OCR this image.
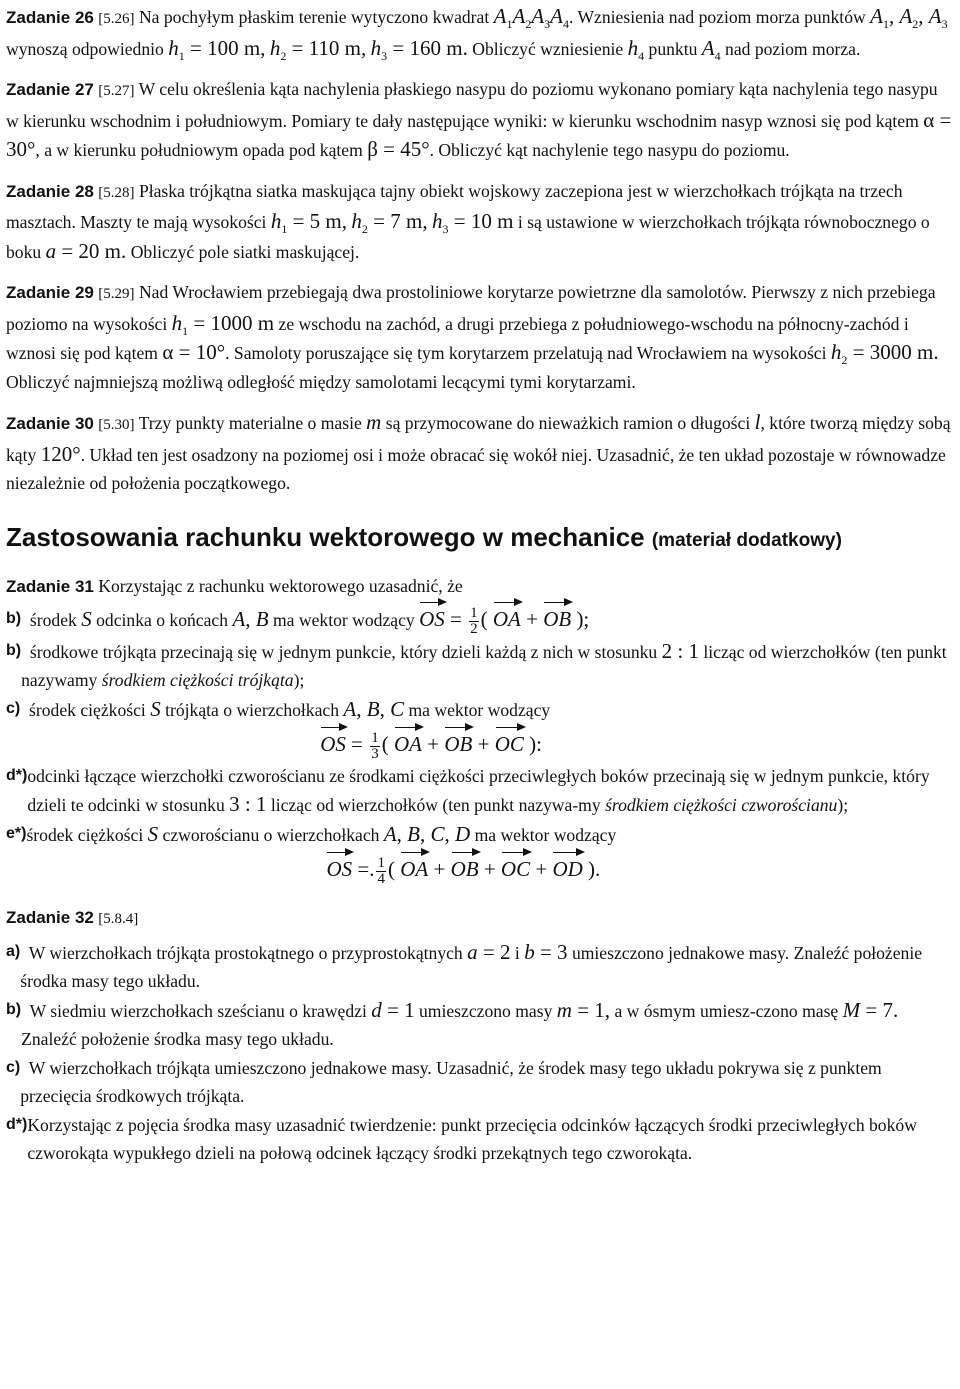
Zadanie 26 [5.26] Na pochyłym płaskim terenie wytyczono kwadrat $A_1A_2A_3A_4$. Wzniesienia nad poziom morza punktów $A_1$, $A_2$, $A_3$ wynoszą odpowiednio $h_1 = 100$ m, $h_2 = 110$ m, $h_3 = 160$ m. Obliczyć wzniesienie $h_4$ punktu $A_4$ nad poziom morza.
Zadanie 27 [5.27] W celu określenia kąta nachylenia płaskiego nasypu do poziomu wykonano pomiary kąta nachylenia tego nasypu w kierunku wschodnim i południowym. Pomiary te dały następujące wyniki: w kierunku wschodnim nasyp wznosi się pod kątem α = 30°, a w kierunku południowym opada pod kątem β = 45°. Obliczyć kąt nachylenie tego nasypu do poziomu.
Zadanie 28 [5.28] Płaska trójkątna siatka maskująca tajny obiekt wojskowy zaczepiona jest w wierzchołkach trójkąta na trzech masztach. Maszty te mają wysokości $h_1 = 5$ m, $h_2 = 7$ m, $h_3 = 10$ m i są ustawione w wierzchołkach trójkąta równobocznego o boku a = 20 m. Obliczyć pole siatki maskującej.
Zadanie 29 [5.29] Nad Wrocławiem przebiegają dwa prostoliniowe korytarze powietrzne dla samolotów. Pierwszy z nich przebiega poziomo na wysokości $h_1 = 1000$ m ze wschodu na zachód, a drugi przebiega z południowego-wschodu na północny-zachód i wznosi się pod kątem α = 10°. Samoloty poruszające się tym korytarzem przelatują nad Wrocławiem na wysokości $h_2 = 3000$ m. Obliczyć najmniejszą możliwą odległość między samolotami lecącymi tymi korytarzami.
Zadanie 30 [5.30] Trzy punkty materialne o masie m są przymocowane do nieważkich ramion o długości l, które tworzą między sobą kąty 120°. Układ ten jest osadzony na poziomej osi i może obracać się wokół niej. Uzasadnić, że ten układ pozostaje w równowadze niezależnie od położenia początkowego.
Zastosowania rachunku wektorowego w mechanice (materiał dodatkowy)
Zadanie 31 Korzystając z rachunku wektorowego uzasadnić, że
b) środek S odcinka o końcach A, B ma wektor wodzący OS = $\frac{1}{2}$ ( OA + OB );
b) środkowe trójkąta przecinają się w jednym punkcie, który dzieli każdą z nich w stosunku 2 : 1 licząc od wierzchołków (ten punkt nazywamy środkiem ciężkości trójkąta);
c) środek ciężkości S trójkąta o wierzchołkach A, B, C ma wektor wodzący
OS = $\frac{1}{3}$ ( OA + OB + OC ):
d*) odcinki łączące wierzchołki czworościanu ze środkami ciężkości przeciwległych boków przecinają się w jednym punkcie, który dzieli te odcinki w stosunku 3 : 1 licząc od wierzchołków (ten punkt nazywa-my środkiem ciężkości czworościanu);
e*) środek ciężkości S czworościanu o wierzchołkach A, B, C, D ma wektor wodzący
OS =. $\frac{1}{4}$ ( OA + OB + OC + OD ).
Zadanie 32 [5.8.4]
a) W wierzchołkach trójkąta prostokątnego o przyprostokątnych a = 2 i b = 3 umieszczono jednakowe masy. Znaleźć położenie środka masy tego układu.
b) W siedmiu wierzchołkach sześcianu o krawędzi d = 1 umieszczono masy m = 1, a w ósmym umiesz-czono masę M = 7. Znaleźć położenie środka masy tego układu.
c) W wierzchołkach trójkąta umieszczono jednakowe masy. Uzasadnić, że środek masy tego układu pokrywa się z punktem przecięcia środkowych trójkąta.
d*) Korzystając z pojęcia środka masy uzasadnić twierdzenie: punkt przecięcia odcinków łączących środki przeciwległych boków czworokąta wypukłego dzieli na połową odcinek łączący środki przekątnych tego czworokąta.
